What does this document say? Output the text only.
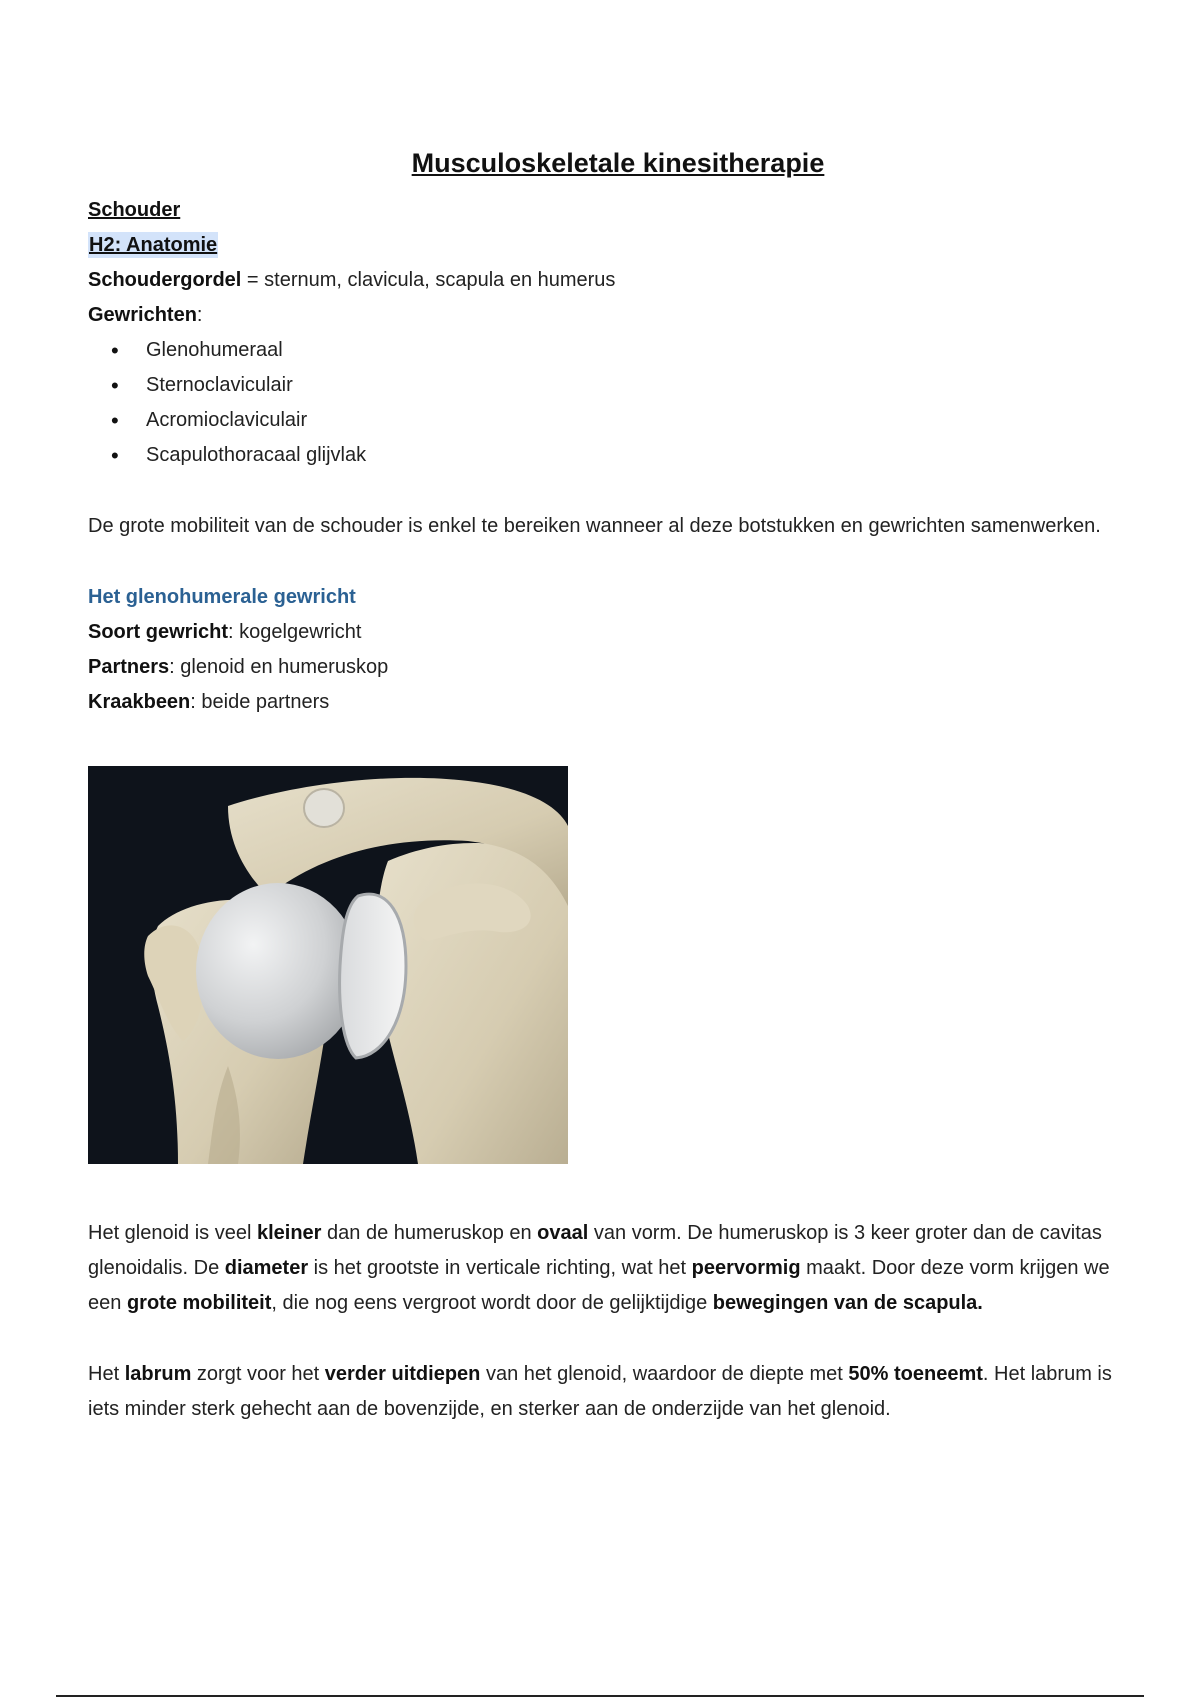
Musculoskeletale kinesitherapie

Schouder

H2: Anatomie

Schoudergordel = sternum, clavicula, scapula en humerus

Gewrichten:

• Glenohumeraal
• Sternoclaviculair
• Acromioclaviculair
• Scapulothoracaal glijvlak

De grote mobiliteit van de schouder is enkel te bereiken wanneer al deze botstukken en gewrichten samenwerken.

Het glenohumerale gewricht

Soort gewricht: kogelgewricht

Partners: glenoid en humeruskop

Kraakbeen: beide partners

Het glenoid is veel kleiner dan de humeruskop en ovaal van vorm. De humeruskop is 3 keer groter dan de cavitas glenoidalis. De diameter is het grootste in verticale richting, wat het peervormig maakt. Door deze vorm krijgen we een grote mobiliteit, die nog eens vergroot wordt door de gelijktijdige bewegingen van de scapula.

Het labrum zorgt voor het verder uitdiepen van het glenoid, waardoor de diepte met 50% toeneemt. Het labrum is iets minder sterk gehecht aan de bovenzijde, en sterker aan de onderzijde van het glenoid.
